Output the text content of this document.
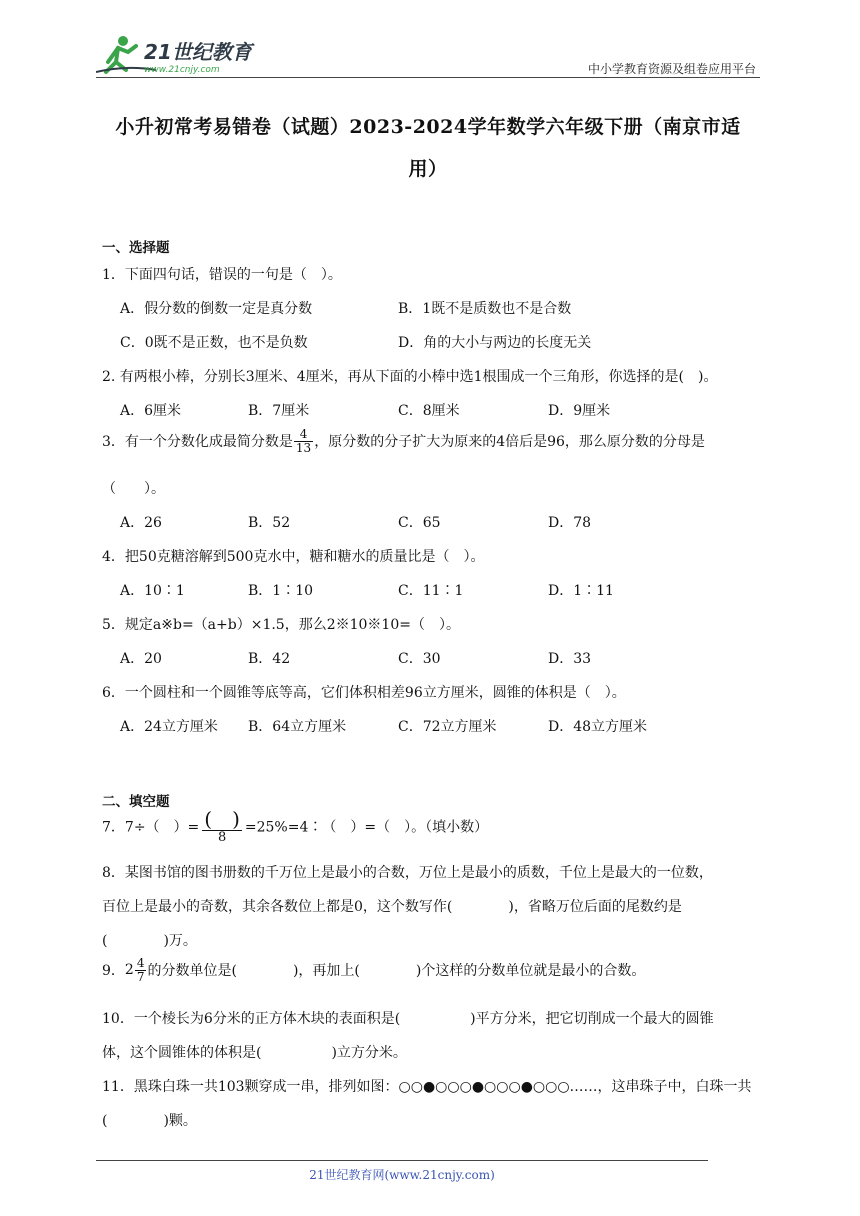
21世纪教育
www.21cnjy.com	中小学教育资源及组卷应用平台
小升初常考易错卷（试题）2023-2024学年数学六年级下册（南京市适
用）
一、选择题
1．下面四句话，错误的一句是（　）。
A．假分数的倒数一定是真分数	B．1既不是质数也不是合数
C．0既不是正数，也不是负数	D．角的大小与两边的长度无关
2. 有两根小棒，分别长3厘米、4厘米，再从下面的小棒中选1根围成一个三角形，你选择的是(　)。
A．6厘米	B．7厘米	C．8厘米	D．9厘米
3．有一个分数化成最简分数是 $\frac{4}{13}$ ，原分数的分子扩大为原来的4倍后是96，那么原分数的分母是
（　　）。
A．26	B．52	C．65	D．78
4．把50克糖溶解到500克水中，糖和糖水的质量比是（　）。
A．10∶1	B．1∶10	C．11∶1	D．1∶11
5．规定a※b=（a+b）×1.5，那么2※10※10=（　）。
A．20	B．42	C．30	D．33
6．一个圆柱和一个圆锥等底等高，它们体积相差96立方厘米，圆锥的体积是（　）。
A．24立方厘米 B．64立方厘米	C．72立方厘米	D．48立方厘米
二、填空题
7．7÷（　）= $\frac{( )}{8}$ =25%=4∶（　）=（　）。（填小数）
8．某图书馆的图书册数的千万位上是最小的合数，万位上是最小的质数，千位上是最大的一位数，
百位上是最小的奇数，其余各数位上都是0，这个数写作(　　　　)，省略万位后面的尾数约是
(　　　　)万。
9．$2 \frac{4}{7}$ 的分数单位是(　　　　)，再加上(　　　　)个这样的分数单位就是最小的合数。
10．一个棱长为6分米的正方体木块的表面积是(　　　　　)平方分米，把它切削成一个最大的圆锥
体，这个圆锥体的体积是(　　　　　)立方分米。
11．黑珠白珠一共103颗穿成一串，排列如图：○○●○○○●○○○●○○○……，这串珠子中，白珠一共
(　　　　)颗。
21世纪教育网(www.21cnjy.com)
